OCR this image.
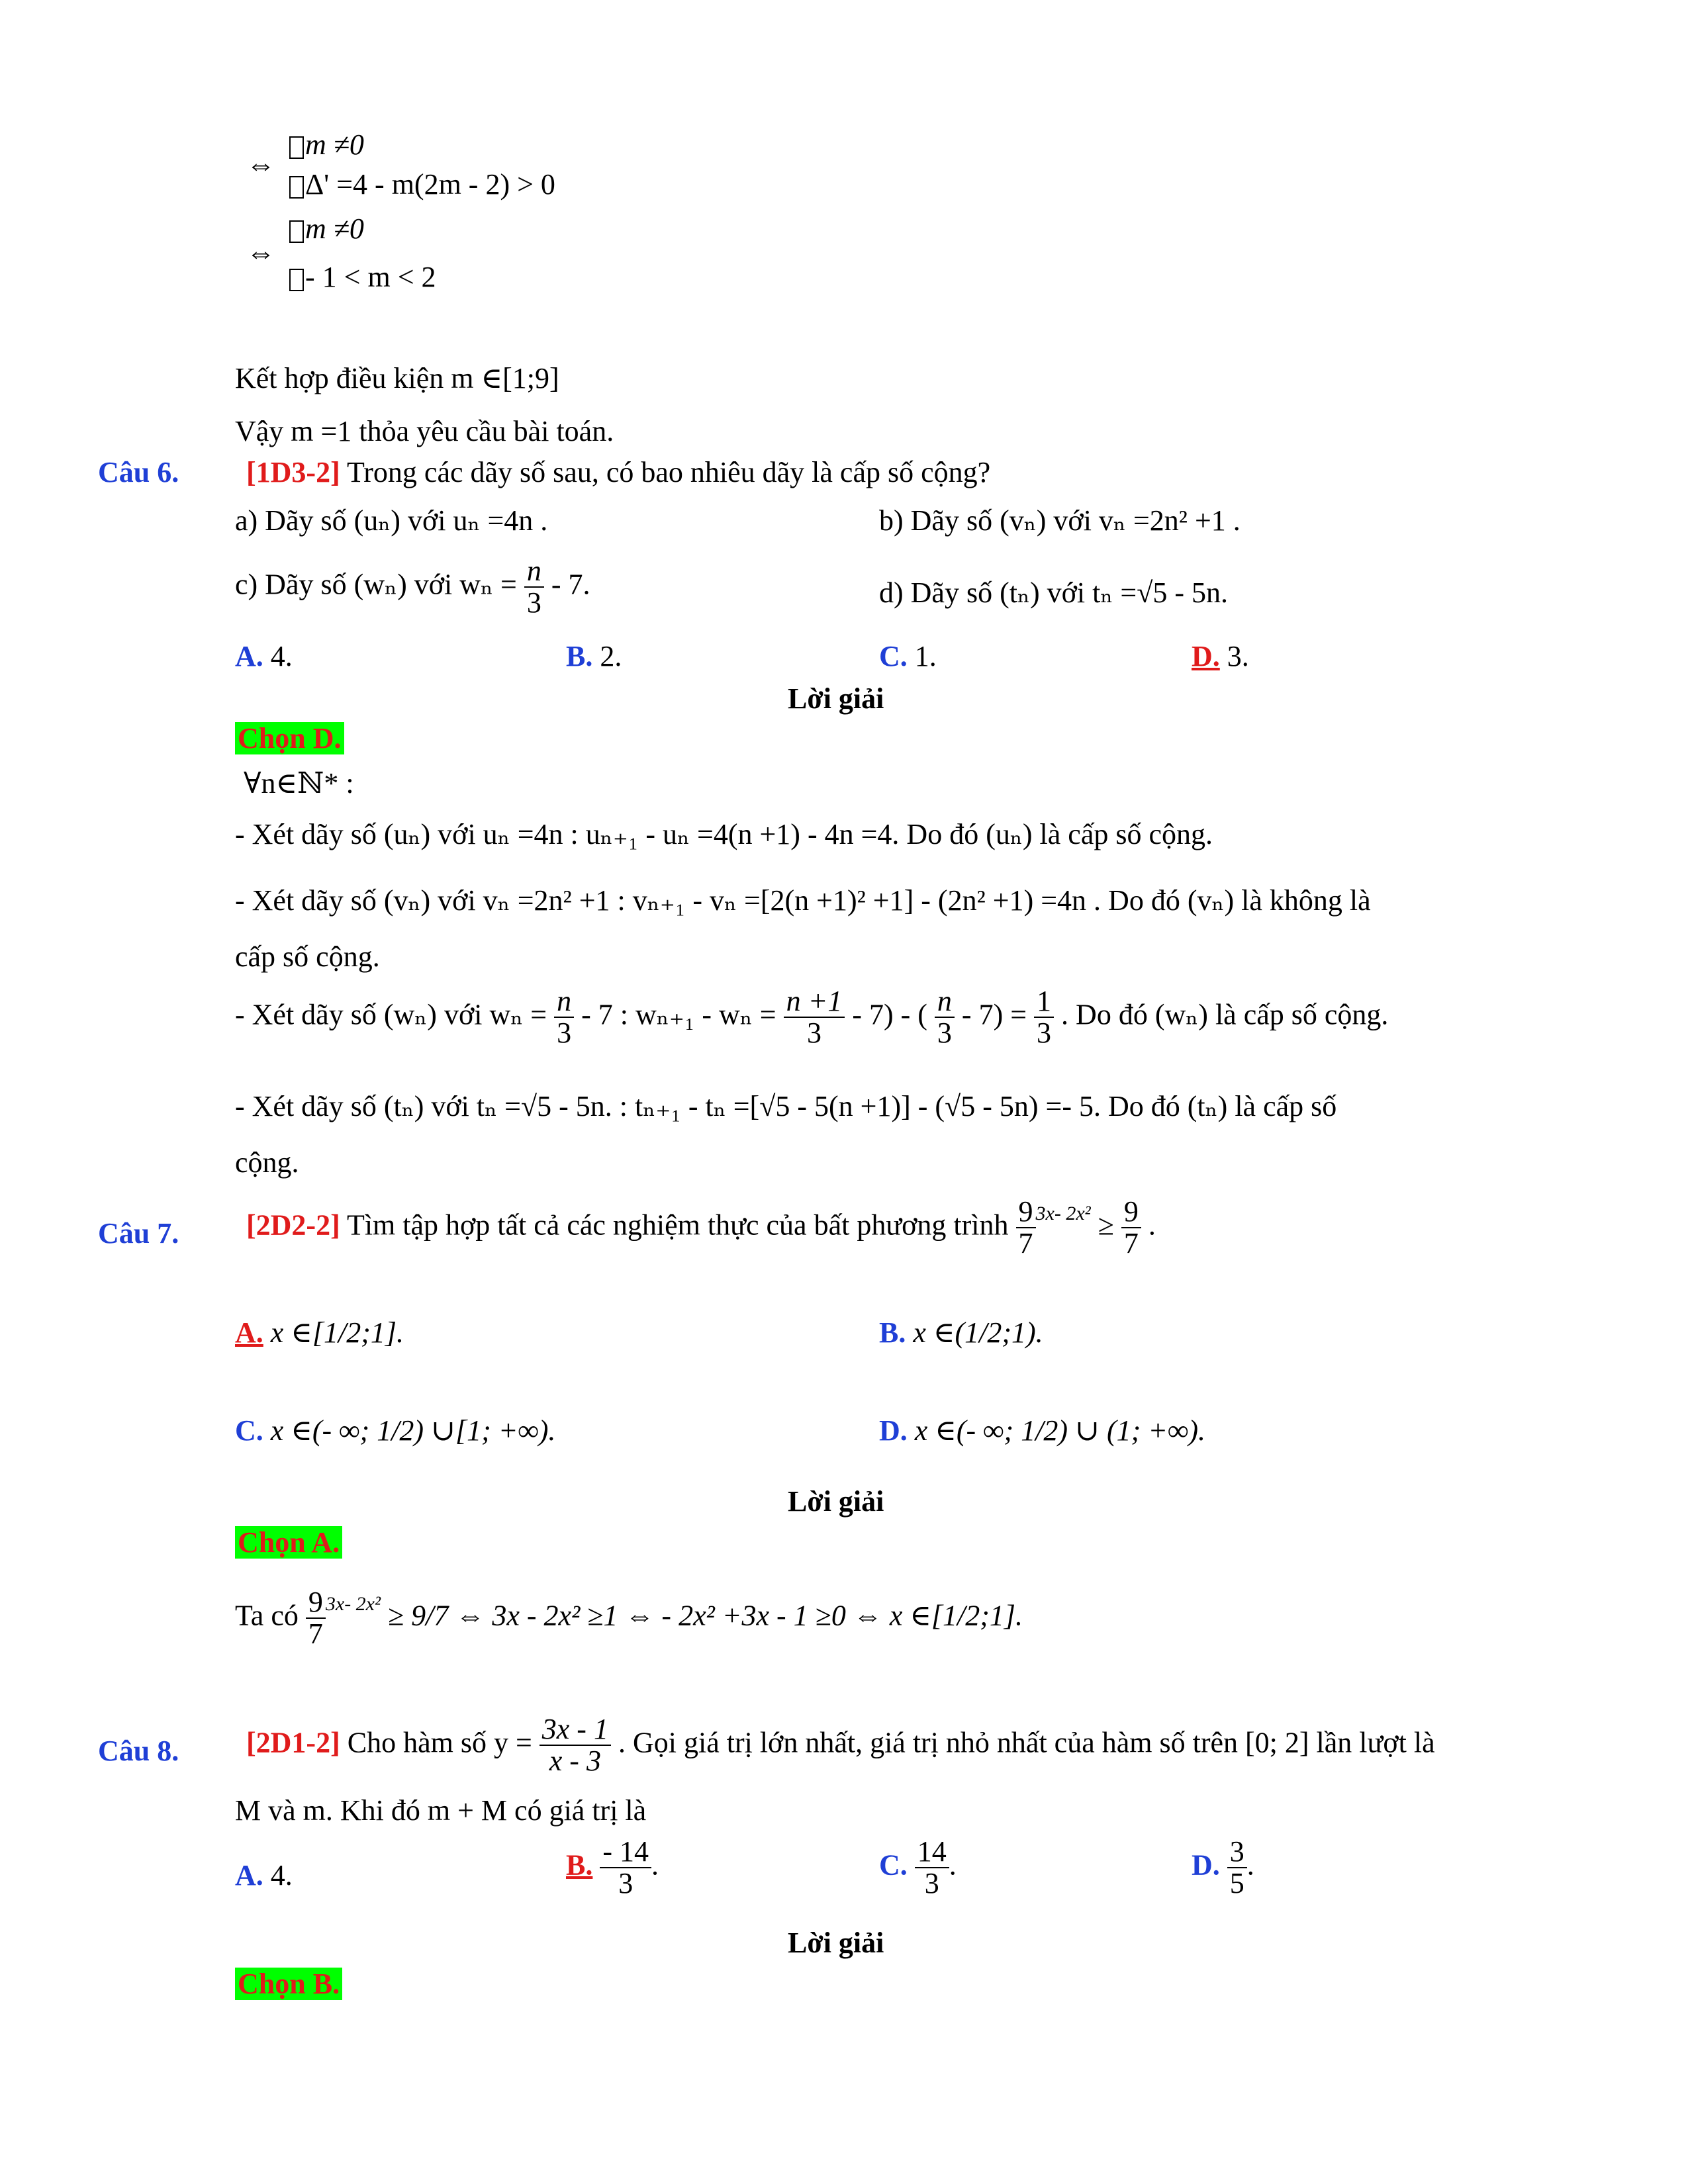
⇔
m ≠0
Δ' =4 - m(2m - 2) > 0
⇔
m ≠0
- 1 < m < 2
Kết hợp điều kiện m ∈[1;9]
Vậy m =1 thỏa yêu cầu bài toán.
Câu 6. [1D3-2] Trong các dãy số sau, có bao nhiêu dãy là cấp số cộng?
a) Dãy số (uₙ) với uₙ =4n .	b) Dãy số (vₙ) với vₙ =2n² +1 .
c) Dãy số (wₙ) với $w_n = \frac{n}{3} - 7$.	d) Dãy số (tₙ) với tₙ =√5 - 5n.
A. 4.	B. 2.	C. 1.	D. 3.
Lời giải
Chọn D.
∀n∈ℕ* :
- Xét dãy số (uₙ) với uₙ =4n : uₙ₊₁ - uₙ =4(n +1) - 4n =4. Do đó (uₙ) là cấp số cộng.
- Xét dãy số (vₙ) với vₙ =2n² +1 : vₙ₊₁ - vₙ =[2(n +1)² +1] - (2n² +1) =4n . Do đó (vₙ) là không là
cấp số cộng.
- Xét dãy số (wₙ) với $w_n = \frac{n}{3} - 7$ : $w_{n+1} - w_n = \frac{n +1}{3} - 7$) - ( $\frac{n}{3} - 7) = \frac{1}{3}$ . Do đó (wₙ) là cấp số cộng.
- Xét dãy số (tₙ) với tₙ =√5 - 5n. : tₙ₊₁ - tₙ =[√5 - 5(n +1)] - (√5 - 5n) =- 5. Do đó (tₙ) là cấp số
cộng.
Câu 7. [2D2-2] Tìm tập hợp tất cả các nghiệm thực của bất phương trình $\frac{9}{7} ^{3x- 2x^2} \ge \frac{9}{7}$ .
A. x ∈[1/2;1].	B. x ∈(1/2;1).
C. x ∈(- ∞; 1/2) ∪[1; +∞).	D. x ∈(- ∞; 1/2) ∪ (1; +∞).
Lời giải
Chọn A.
Ta có $\frac{9}{7} ^{3x- 2x^2} \ge 9/7$ ⇔ 3x - 2x² ≥1 ⇔ - 2x² +3x - 1 ≥0 ⇔ x ∈[1/2;1].
Câu 8. [2D1-2] Cho hàm số $y = \frac{3x - 1}{x - 3}$ . Gọi giá trị lớn nhất, giá trị nhỏ nhất của hàm số trên [0; 2] lần lượt là
M và m. Khi đó m + M có giá trị là
A. 4.	B. $\frac{- 14}{3}$ .	C. $\frac{14}{3}$ .	D. $\frac{3}{5}$ .
Lời giải
Chọn B.
